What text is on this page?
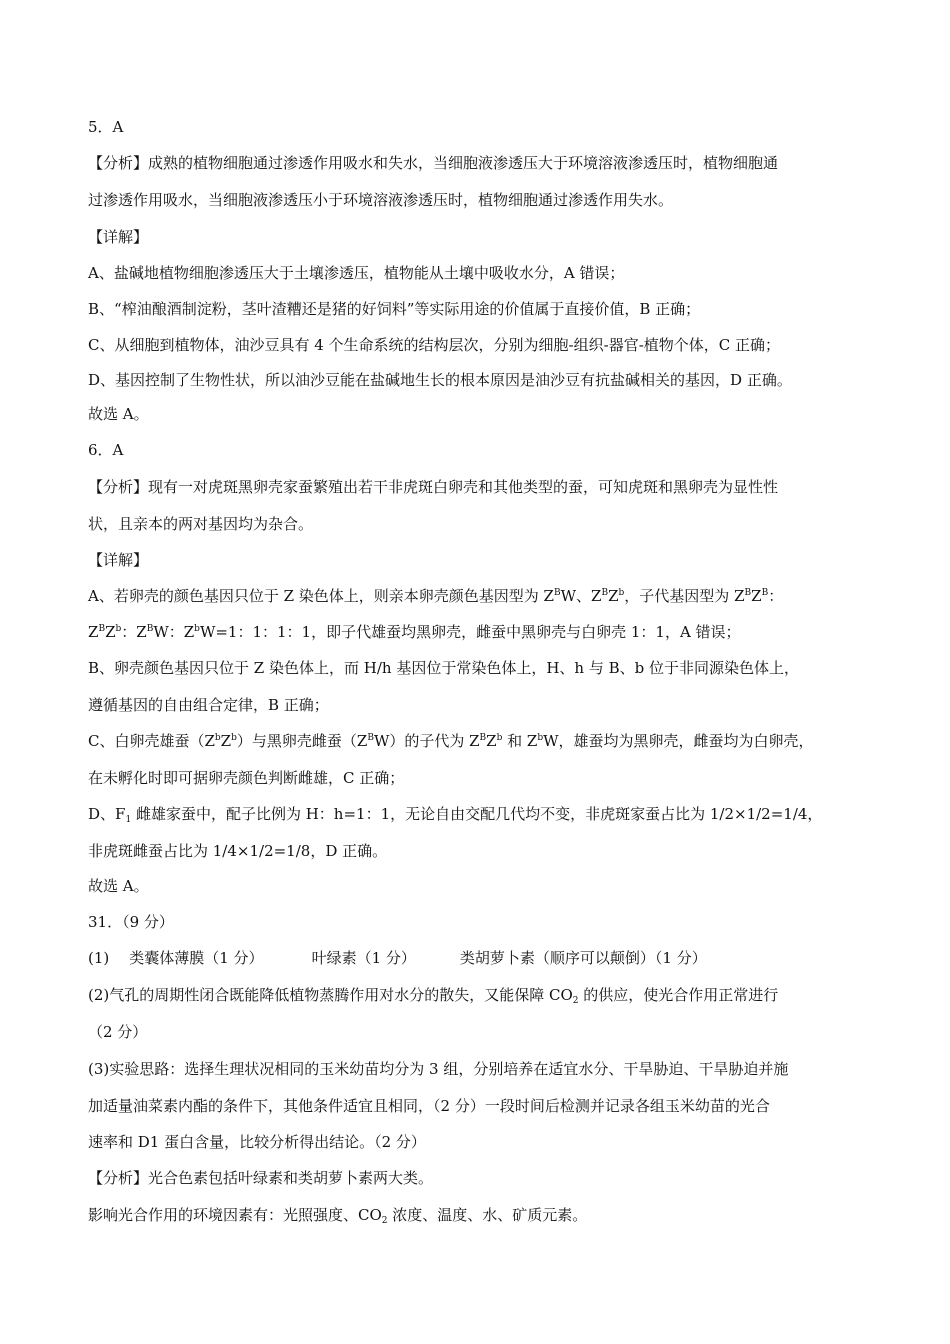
5．A
【分析】成熟的植物细胞通过渗透作用吸水和失水，当细胞液渗透压大于环境溶液渗透压时，植物细胞通
过渗透作用吸水，当细胞液渗透压小于环境溶液渗透压时，植物细胞通过渗透作用失水。
【详解】
A、盐碱地植物细胞渗透压大于土壤渗透压，植物能从土壤中吸收水分，A 错误；
B、“榨油酿酒制淀粉，茎叶渣糟还是猪的好饲料”等实际用途的价值属于直接价值，B 正确；
C、从细胞到植物体，油沙豆具有 4 个生命系统的结构层次，分别为细胞-组织-器官-植物个体，C 正确；
D、基因控制了生物性状，所以油沙豆能在盐碱地生长的根本原因是油沙豆有抗盐碱相关的基因，D 正确。
故选 A。
6．A
【分析】现有一对虎斑黑卵壳家蚕繁殖出若干非虎斑白卵壳和其他类型的蚕，可知虎斑和黑卵壳为显性性
状，且亲本的两对基因均为杂合。
【详解】
A、若卵壳的颜色基因只位于 Z 染色体上，则亲本卵壳颜色基因型为 $Z^BW$、$Z^BZ^b$，子代基因型为 $Z^BZ^B$：
$Z^BZ^b$：$Z^BW$：$Z^bW=1$：1：1：1，即子代雄蚕均黑卵壳，雌蚕中黑卵壳与白卵壳 1：1，A 错误；
B、卵壳颜色基因只位于 Z 染色体上，而 H/h 基因位于常染色体上，H、h 与 B、b 位于非同源染色体上，
遵循基因的自由组合定律，B 正确；
C、白卵壳雄蚕$(Z^bZ^b)$与黑卵壳雌蚕$(Z^BW)$的子代为 $Z^BZ^b$ 和 $Z^bW$，雄蚕均为黑卵壳，雌蚕均为白卵壳，
在未孵化时即可据卵壳颜色判断雌雄，C 正确；
D、$F_1$ 雌雄家蚕中，配子比例为 H：h=1：1，无论自由交配几代均不变，非虎斑家蚕占比为 1/2×1/2=1/4，
非虎斑雌蚕占比为 1/4×1/2=1/8，D 正确。
故选 A。
31．（9 分）
(1) 类囊体薄膜（1 分）	叶绿素（1 分）	类胡萝卜素（顺序可以颠倒）（1 分）
(2)气孔的周期性闭合既能降低植物蒸腾作用对水分的散失，又能保障 $CO_2$ 的供应，使光合作用正常进行
（2 分）
(3)实验思路：选择生理状况相同的玉米幼苗均分为 3 组，分别培养在适宜水分、干旱胁迫、干旱胁迫并施
加适量油菜素内酯的条件下，其他条件适宜且相同，（2 分）一段时间后检测并记录各组玉米幼苗的光合
速率和 D1 蛋白含量，比较分析得出结论。（2 分）
【分析】光合色素包括叶绿素和类胡萝卜素两大类。
影响光合作用的环境因素有：光照强度、$CO_2$ 浓度、温度、水、矿质元素。
